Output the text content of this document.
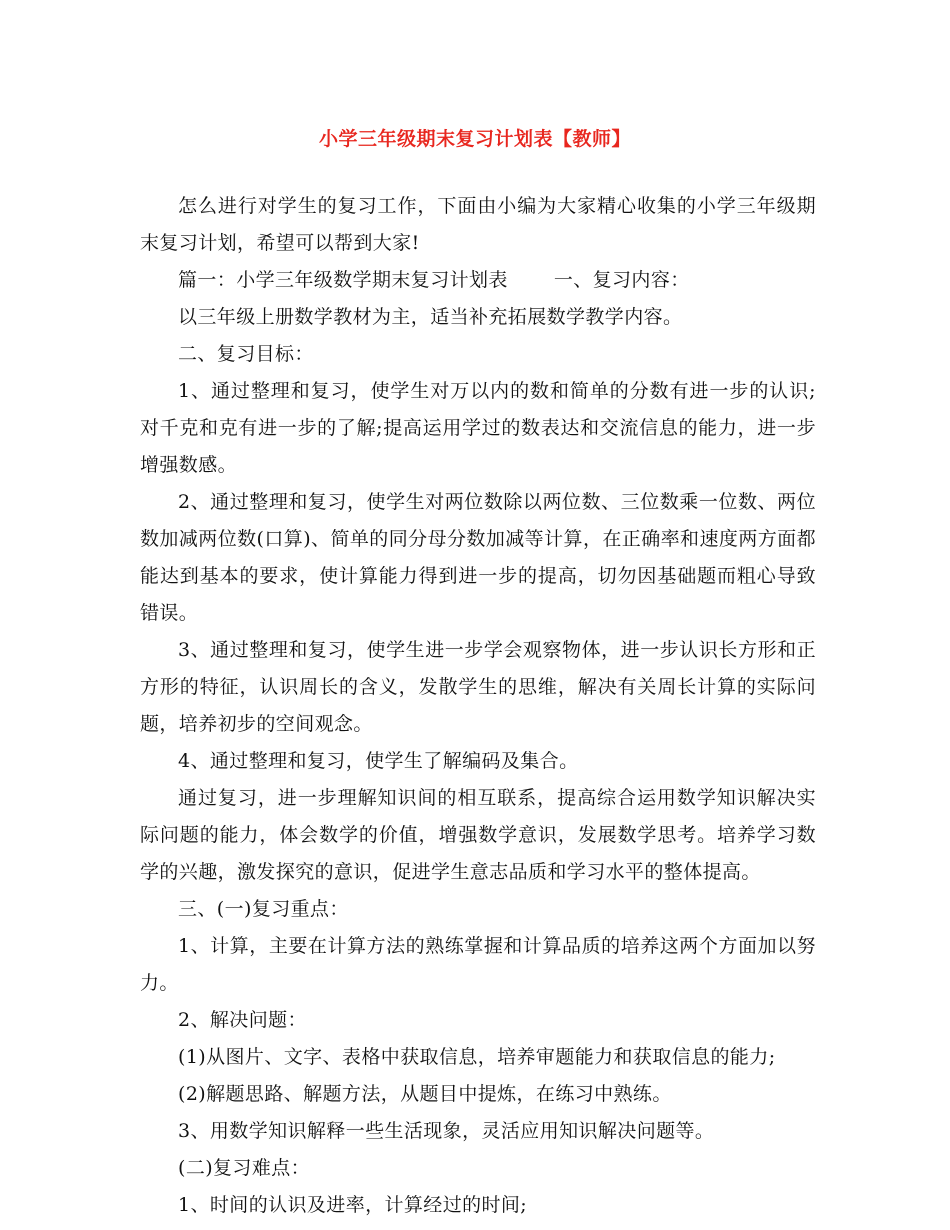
小学三年级期末复习计划表【教师】

怎么进行对学生的复习工作，下面由小编为大家精心收集的小学三年级期末复习计划，希望可以帮到大家!

篇一：小学三年级数学期末复习计划表 一、复习内容：

以三年级上册数学教材为主，适当补充拓展数学教学内容。

二、复习目标：

1、通过整理和复习，使学生对万以内的数和简单的分数有进一步的认识;对千克和克有进一步的了解;提高运用学过的数表达和交流信息的能力，进一步增强数感。

2、通过整理和复习，使学生对两位数除以两位数、三位数乘一位数、两位数加减两位数(口算)、简单的同分母分数加减等计算，在正确率和速度两方面都能达到基本的要求，使计算能力得到进一步的提高，切勿因基础题而粗心导致错误。

3、通过整理和复习，使学生进一步学会观察物体，进一步认识长方形和正方形的特征，认识周长的含义，发散学生的思维，解决有关周长计算的实际问题，培养初步的空间观念。

4、通过整理和复习，使学生了解编码及集合。

通过复习，进一步理解知识间的相互联系，提高综合运用数学知识解决实际问题的能力，体会数学的价值，增强数学意识，发展数学思考。培养学习数学的兴趣，激发探究的意识，促进学生意志品质和学习水平的整体提高。

三、(一)复习重点：

1、计算，主要在计算方法的熟练掌握和计算品质的培养这两个方面加以努力。

2、解决问题：

(1)从图片、文字、表格中获取信息，培养审题能力和获取信息的能力;

(2)解题思路、解题方法，从题目中提炼，在练习中熟练。

3、用数学知识解释一些生活现象，灵活应用知识解决问题等。

(二)复习难点：

1、时间的认识及进率，计算经过的时间;
